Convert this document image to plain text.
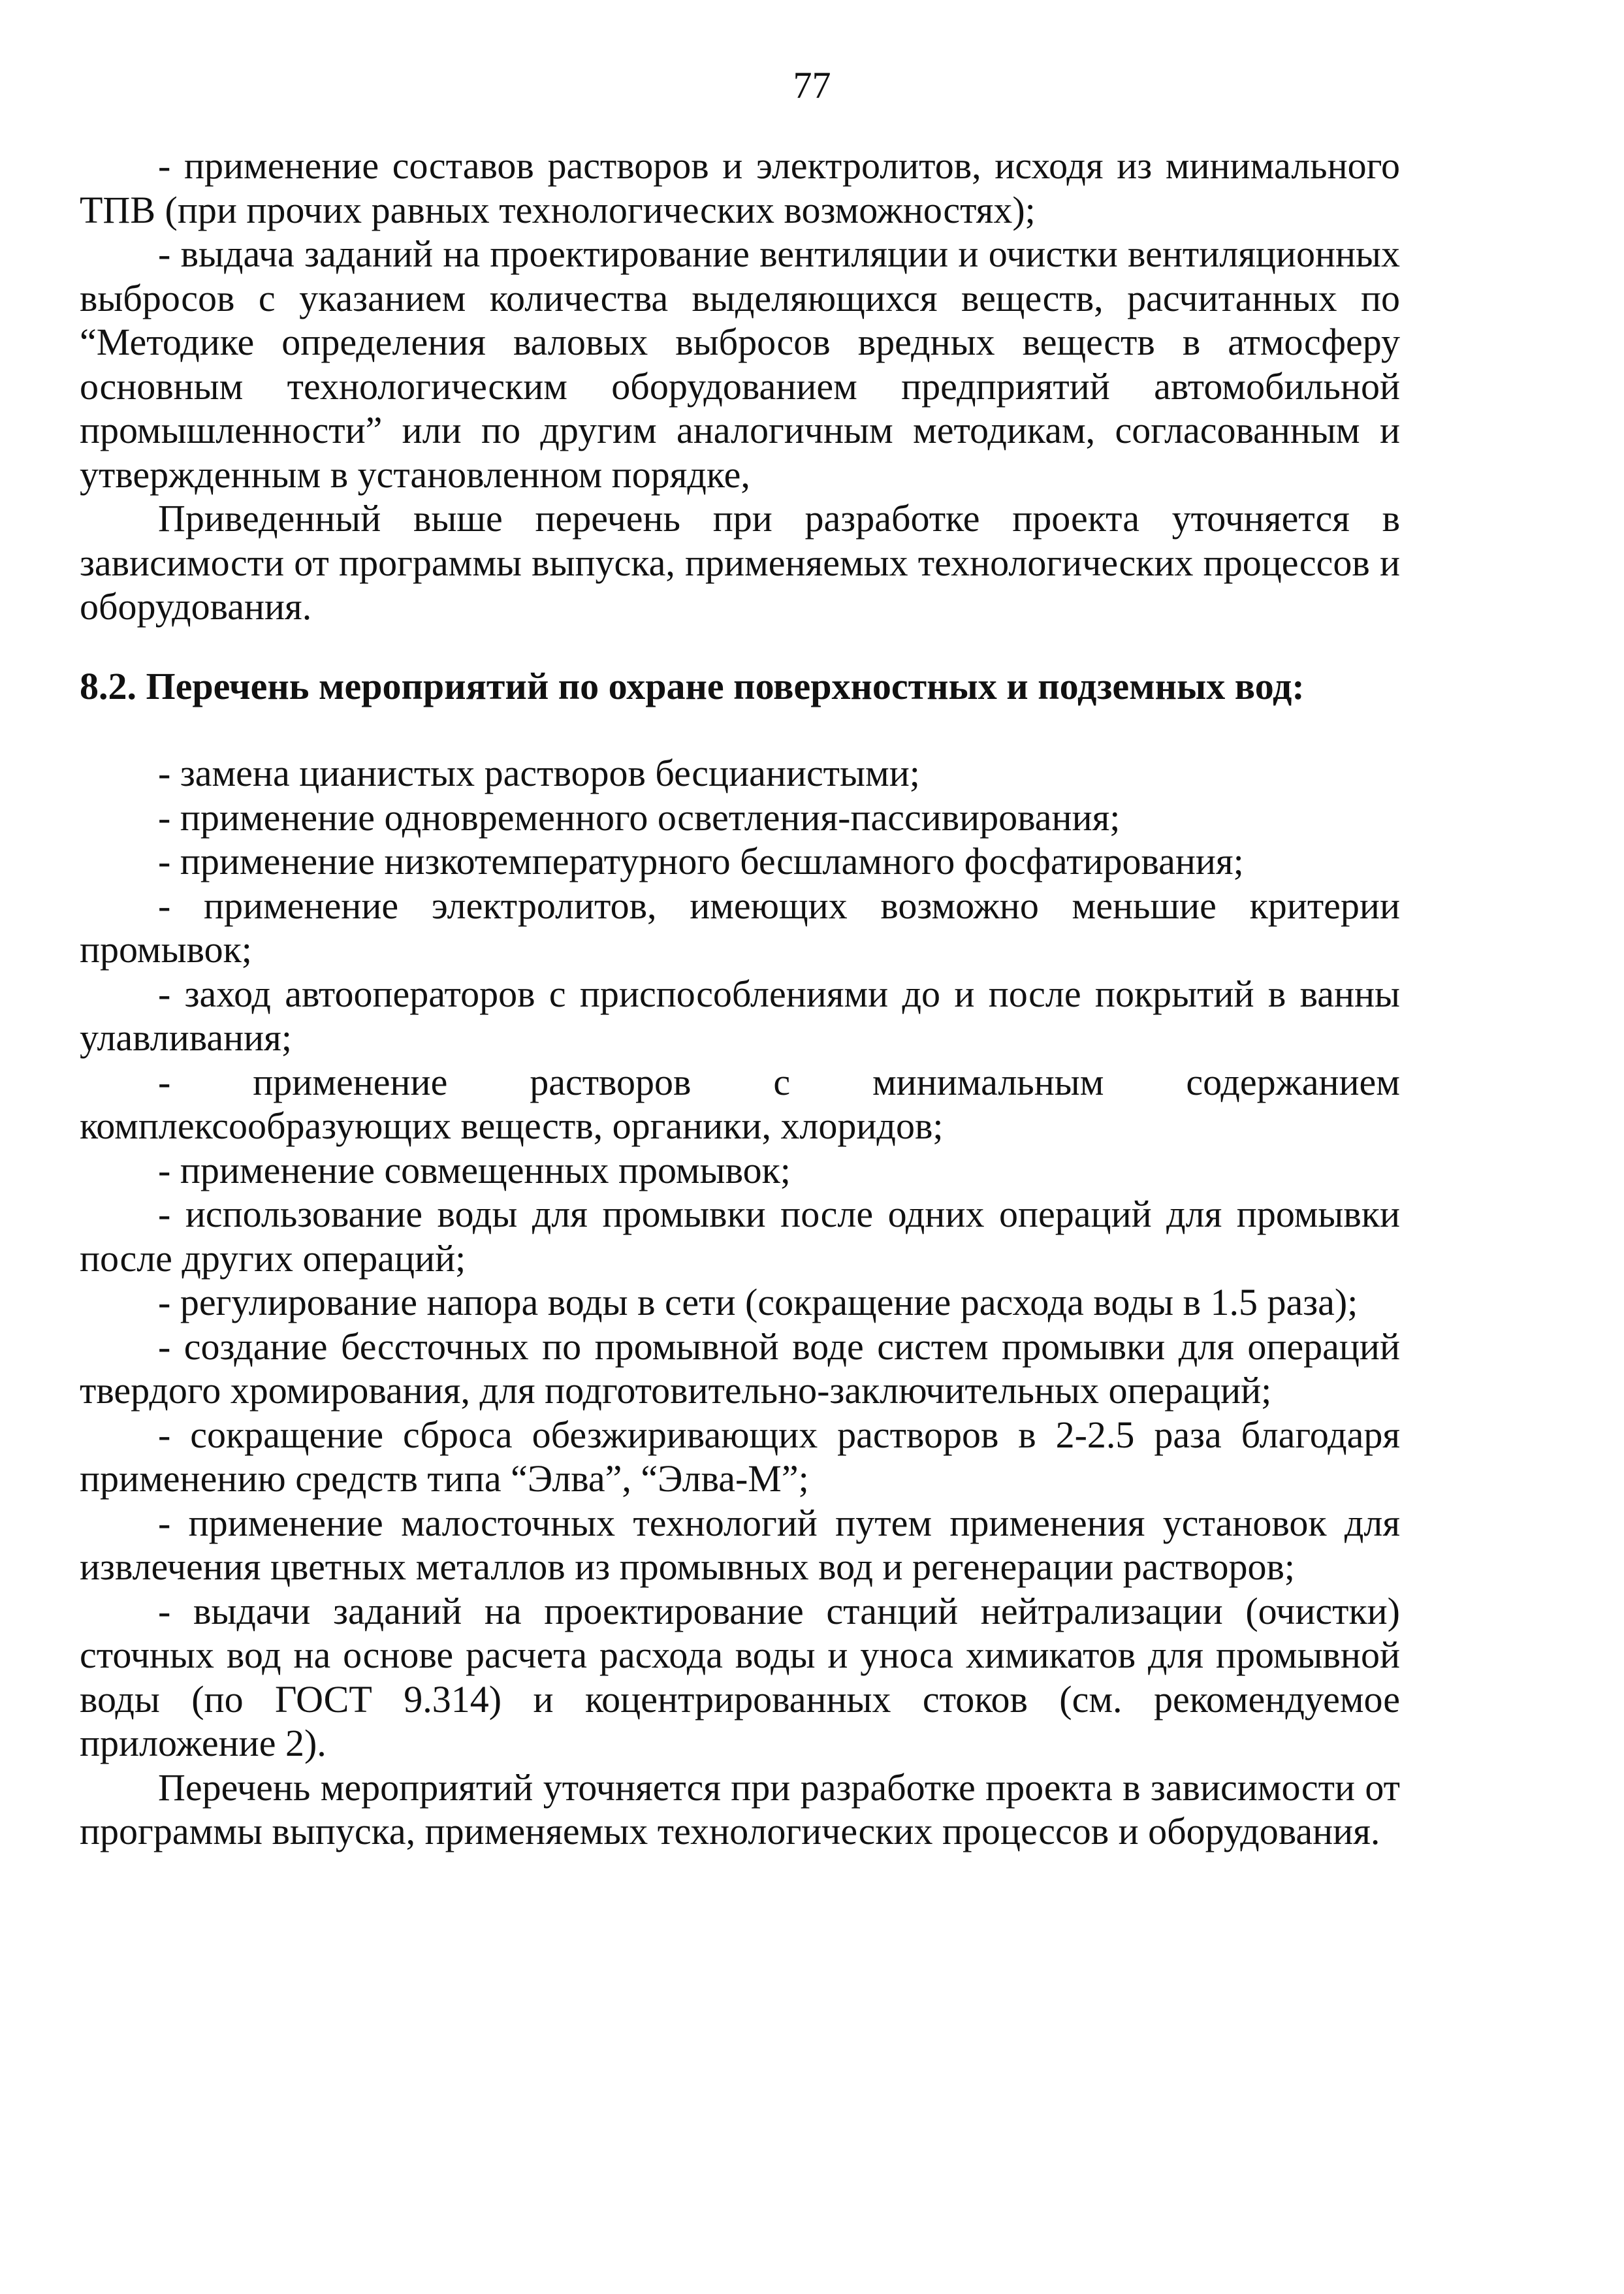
77

- применение составов растворов и электролитов, исходя из минимального ТПВ (при прочих равных технологических возможностях);

- выдача заданий на проектирование вентиляции и очистки вентиляционных выбросов с указанием количества выделяющихся веществ, расчитанных по “Методике определения валовых выбросов вредных веществ в атмосферу основным технологическим оборудованием предприятий автомобильной промышленности” или по другим аналогичным методикам, согласованным и утвержденным в установленном порядке,

Приведенный выше перечень при разработке проекта уточняется в зависимости от программы выпуска, применяемых технологических процессов и оборудования.

8.2. Перечень мероприятий по охране поверхностных и подземных вод:

- замена цианистых растворов бесцианистыми;

- применение одновременного осветления-пассивирования;

- применение низкотемпературного бесшламного фосфатирования;

- применение электролитов, имеющих возможно меньшие критерии промывок;

- заход автооператоров с приспособлениями до и после покрытий в ванны улавливания;

- применение растворов с минимальным содержанием комплексообразующих веществ, органики, хлоридов;

- применение совмещенных промывок;

- использование воды для промывки после одних операций для промывки после других операций;

- регулирование напора воды в сети (сокращение расхода воды в 1.5 раза);

- создание бессточных по промывной воде систем промывки для операций твердого хромирования, для подготовительно-заключительных операций;

- сокращение сброса обезжиривающих растворов в 2-2.5 раза благодаря применению средств типа “Элва”, “Элва-М”;

- применение малосточных технологий путем применения установок для извлечения цветных металлов из промывных вод и регенерации растворов;

- выдачи заданий на проектирование станций нейтрализации (очистки) сточных вод на основе расчета расхода воды и уноса химикатов для промывной воды (по ГОСТ 9.314) и коцентрированных стоков (см. рекомендуемое приложение 2).

Перечень мероприятий уточняется при разработке проекта в зависимости от программы выпуска, применяемых технологических процессов и оборудования.
